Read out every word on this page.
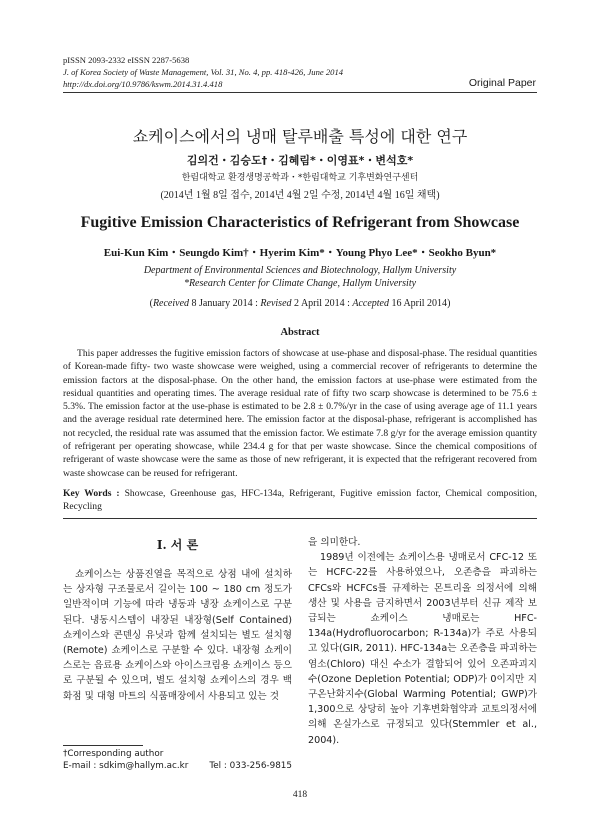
pISSN 2093-2332 eISSN 2287-5638
J. of Korea Society of Waste Management, Vol. 31, No. 4, pp. 418-426, June 2014
http://dx.doi.org/10.9786/kswm.2014.31.4.418	Original Paper
쇼케이스에서의 냉매 탈루배출 특성에 대한 연구
김의건・김승도†・김혜림*・이영표*・변석호*
한림대학교 환경생명공학과・*한림대학교 기후변화연구센터
(2014년 1월 8일 접수, 2014년 4월 2일 수정, 2014년 4월 16일 채택)
Fugitive Emission Characteristics of Refrigerant from Showcase
Eui-Kun Kim・Seungdo Kim†・Hyerim Kim*・Young Phyo Lee*・Seokho Byun*
Department of Environmental Sciences and Biotechnology, Hallym University
*Research Center for Climate Change, Hallym University
(Received 8 January 2014 : Revised 2 April 2014 : Accepted 16 April 2014)
Abstract

This paper addresses the fugitive emission factors of showcase at use-phase and disposal-phase. The residual quantities of Korean-made fifty- two waste showcase were weighed, using a commercial recover of refrigerants to determine the emission factors at the disposal-phase. On the other hand, the emission factors at use-phase were estimated from the residual quantities and operating times. The average residual rate of fifty two scarp showcase is determined to be 75.6 ± 5.3%. The emission factor at the use-phase is estimated to be 2.8 ± 0.7%/yr in the case of using average age of 11.1 years and the average residual rate determined here. The emission factor at the disposal-phase, refrigerant is accomplished has not recycled, the residual rate was assumed that the emission factor. We estimate 7.8 g/yr for the average emission quantity of refrigerant per operating showcase, while 234.4 g for that per waste showcase. Since the chemical compositions of refrigerant of waste showcase were the same as those of new refrigerant, it is expected that the refrigerant recovered from waste showcase can be reused for refrigerant.

Key Words : Showcase, Greenhouse gas, HFC-134a, Refrigerant, Fugitive emission factor, Chemical composition, Recycling

I. 서 론

쇼케이스는 상품진열을 목적으로 상점 내에 설치하는 상자형 구조물로서 길이는 100 ~ 180 cm 정도가 일반적이며 기능에 따라 냉동과 냉장 쇼케이스로 구분된다. 냉동시스템이 내장된 내장형(Self Contained) 쇼케이스와 콘덴싱 유닛과 함께 설치되는 별도 설치형(Remote) 쇼케이스로 구분할 수 있다. 내장형 쇼케이스로는 음료용 쇼케이스와 아이스크림용 쇼케이스 등으로 구분될 수 있으며, 별도 설치형 쇼케이스의 경우 백화점 및 대형 마트의 식품매장에서 사용되고 있는 것

을 의미한다.
1989년 이전에는 쇼케이스용 냉매로서 CFC-12 또는 HCFC-22를 사용하였으나, 오존층을 파괴하는 CFCs와 HCFCs를 규제하는 몬트리올 의정서에 의해 생산 및 사용을 금지하면서 2003년부터 신규 제작 보급되는 쇼케이스 냉매로는 HFC-134a(Hydrofluorocarbon; R-134a)가 주로 사용되고 있다(GIR, 2011). HFC-134a는 오존층을 파괴하는 염소(Chloro) 대신 수소가 결합되어 있어 오존파괴지수(Ozone Depletion Potential; ODP)가 0이지만 지구온난화지수(Global Warming Potential; GWP)가 1,300으로 상당히 높아 기후변화협약과 교토의정서에 의해 온실가스로 규정되고 있다(Stemmler et al., 2004).
†Corresponding author
E-mail : sdkim@hallym.ac.kr Tel : 033-256-9815
418
